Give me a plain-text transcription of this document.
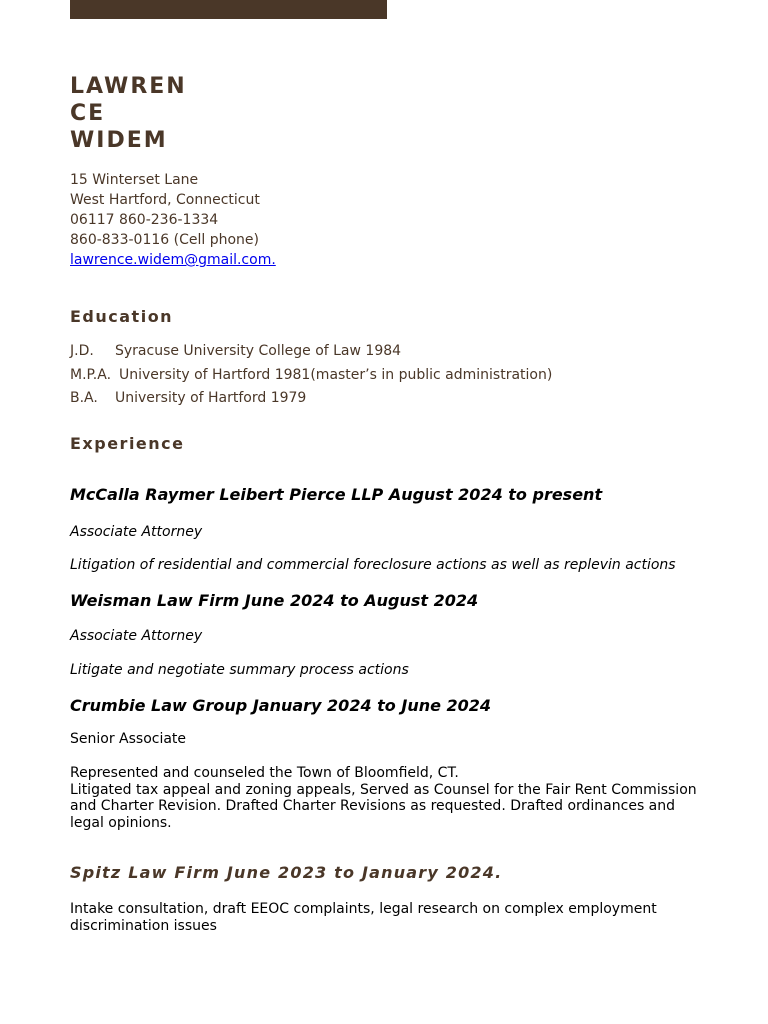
LAWREN
CE
WIDEM
15 Winterset Lane
West Hartford, Connecticut
06117 860-236-1334
860-833-0116 (Cell phone)
lawrence.widem@gmail.com.
Education
J.D. Syracuse University College of Law 1984
M.P.A. University of Hartford 1981(master’s in public administration)
B.A. University of Hartford 1979
Experience
McCalla Raymer Leibert Pierce LLP August 2024 to present
Associate Attorney
Litigation of residential and commercial foreclosure actions as well as replevin actions
Weisman Law Firm June 2024 to August 2024
Associate Attorney
Litigate and negotiate summary process actions
Crumbie Law Group January 2024 to June 2024
Senior Associate
Represented and counseled the Town of Bloomfield, CT.
Litigated tax appeal and zoning appeals, Served as Counsel for the Fair Rent Commission and Charter Revision. Drafted Charter Revisions as requested. Drafted ordinances and legal opinions.
Spitz Law Firm June 2023 to January 2024.
Intake consultation, draft EEOC complaints, legal research on complex employment discrimination issues
